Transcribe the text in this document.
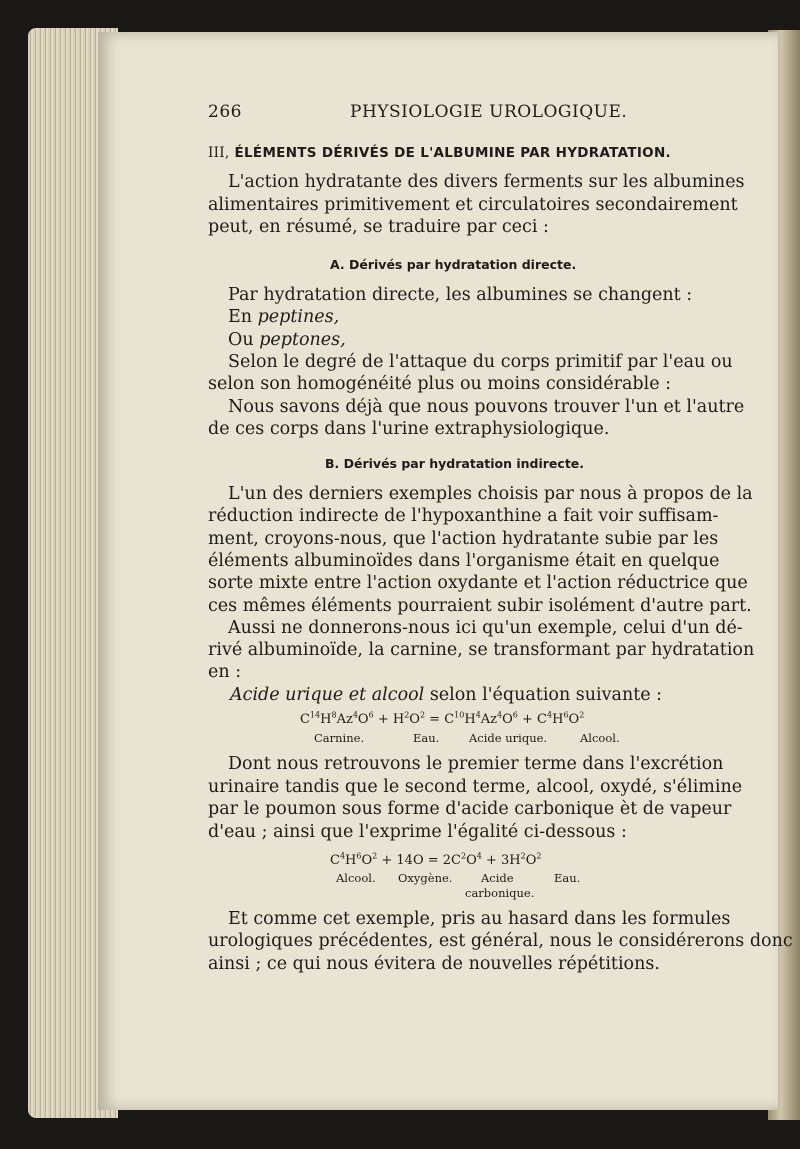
266	PHYSIOLOGIE UROLOGIQUE.
III, ÉLÉMENTS DÉRIVÉS DE L'ALBUMINE PAR HYDRATATION.
L'action hydratante des divers ferments sur les albumines
alimentaires primitivement et circulatoires secondairement
peut, en résumé, se traduire par ceci :
A. Dérivés par hydratation directe.
Par hydratation directe, les albumines se changent :
En peptines,
Ou peptones,
Selon le degré de l'attaque du corps primitif par l'eau ou
selon son homogénéité plus ou moins considérable :
Nous savons déjà que nous pouvons trouver l'un et l'autre
de ces corps dans l'urine extraphysiologique.
B. Dérivés par hydratation indirecte.
L'un des derniers exemples choisis par nous à propos de la
réduction indirecte de l'hypoxanthine a fait voir suffisam-
ment, croyons-nous, que l'action hydratante subie par les
éléments albuminoïdes dans l'organisme était en quelque
sorte mixte entre l'action oxydante et l'action réductrice que
ces mêmes éléments pourraient subir isolément d'autre part.
Aussi ne donnerons-nous ici qu'un exemple, celui d'un dé-
rivé albuminoïde, la carnine, se transformant par hydratation
en :
Acide urique et alcool selon l'équation suivante :
$C^{14}H^8Az^4O^6 + H^2O^2 = C^{10}H^4Az^4O^6 + C^4H^6O^2$
Carnine.	Eau.	Acide urique.	Alcool.
Dont nous retrouvons le premier terme dans l'excrétion
urinaire tandis que le second terme, alcool, oxydé, s'élimine
par le poumon sous forme d'acide carbonique èt de vapeur
d'eau ; ainsi que l'exprime l'égalité ci-dessous :
$C^4H^6O^2 + 14O = 2C^2O^4 + 3H^2O^2$
Alcool. Oxygène. Acide
carbonique.
Eau.
Et comme cet exemple, pris au hasard dans les formules
urologiques précédentes, est général, nous le considérerons donc
ainsi ; ce qui nous évitera de nouvelles répétitions.
